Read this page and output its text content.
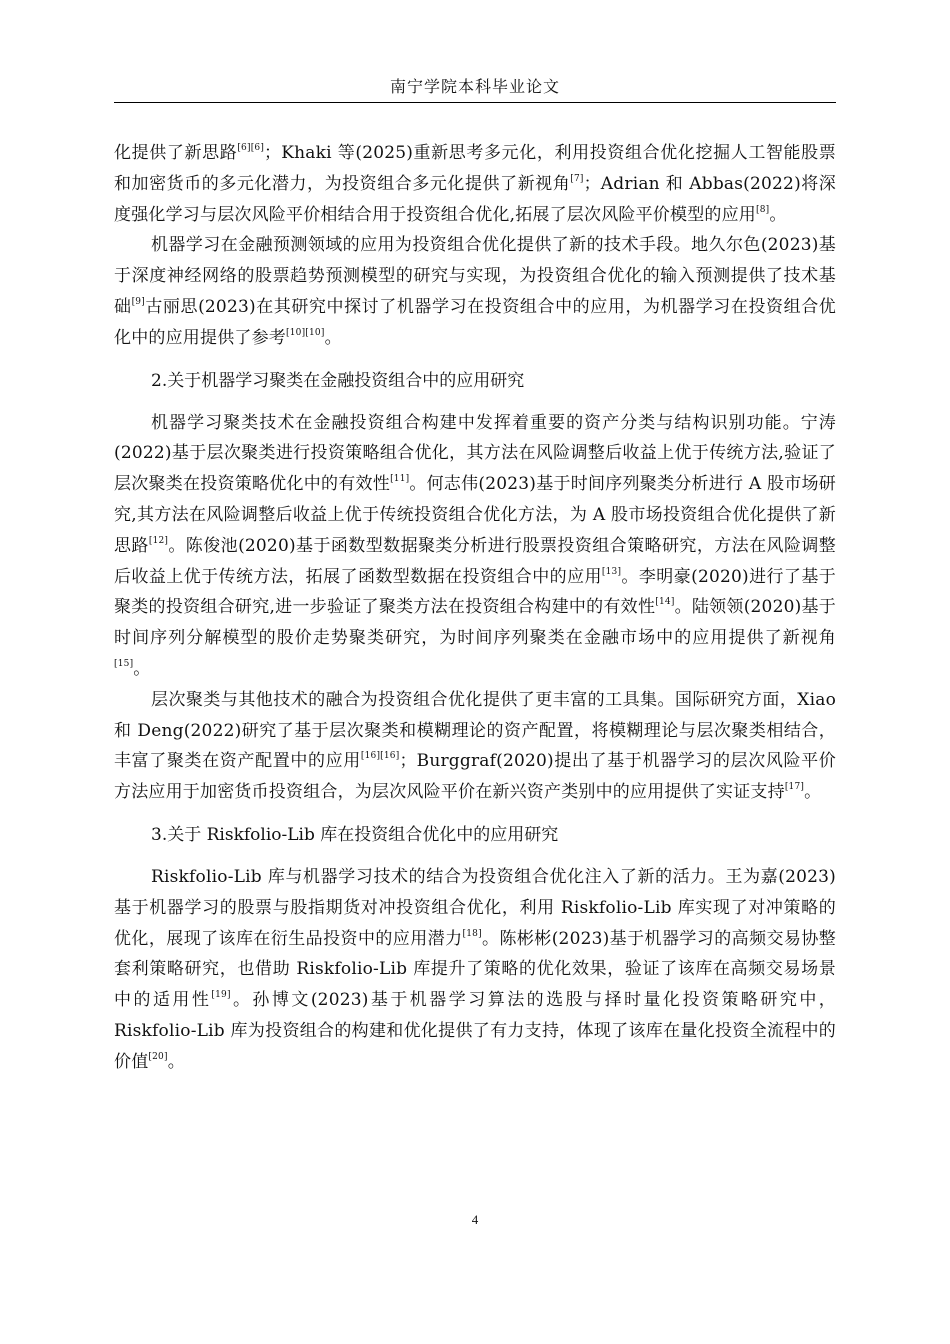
南宁学院本科毕业论文

化提供了新思路[6][6]；Khaki 等(2025)重新思考多元化，利用投资组合优化挖掘人工智能股票和加密货币的多元化潜力，为投资组合多元化提供了新视角[7]；Adrian 和 Abbas(2022)将深度强化学习与层次风险平价相结合用于投资组合优化,拓展了层次风险平价模型的应用[8]。

机器学习在金融预测领域的应用为投资组合优化提供了新的技术手段。地久尔色(2023)基于深度神经网络的股票趋势预测模型的研究与实现，为投资组合优化的输入预测提供了技术基础[9]古丽思(2023)在其研究中探讨了机器学习在投资组合中的应用，为机器学习在投资组合优化中的应用提供了参考[10][10]。

2.关于机器学习聚类在金融投资组合中的应用研究

机器学习聚类技术在金融投资组合构建中发挥着重要的资产分类与结构识别功能。宁涛(2022)基于层次聚类进行投资策略组合优化，其方法在风险调整后收益上优于传统方法,验证了层次聚类在投资策略优化中的有效性[11]。何志伟(2023)基于时间序列聚类分析进行 A 股市场研究,其方法在风险调整后收益上优于传统投资组合优化方法，为 A 股市场投资组合优化提供了新思路[12]。陈俊池(2020)基于函数型数据聚类分析进行股票投资组合策略研究，方法在风险调整后收益上优于传统方法，拓展了函数型数据在投资组合中的应用[13]。李明豪(2020)进行了基于聚类的投资组合研究,进一步验证了聚类方法在投资组合构建中的有效性[14]。陆领领(2020)基于时间序列分解模型的股价走势聚类研究，为时间序列聚类在金融市场中的应用提供了新视角[15]。

层次聚类与其他技术的融合为投资组合优化提供了更丰富的工具集。国际研究方面，Xiao 和 Deng(2022)研究了基于层次聚类和模糊理论的资产配置，将模糊理论与层次聚类相结合，丰富了聚类在资产配置中的应用[16][16]；Burggraf(2020)提出了基于机器学习的层次风险平价方法应用于加密货币投资组合，为层次风险平价在新兴资产类别中的应用提供了实证支持[17]。

3.关于 Riskfolio-Lib 库在投资组合优化中的应用研究

Riskfolio-Lib 库与机器学习技术的结合为投资组合优化注入了新的活力。王为嘉(2023)基于机器学习的股票与股指期货对冲投资组合优化，利用 Riskfolio-Lib 库实现了对冲策略的优化，展现了该库在衍生品投资中的应用潜力[18]。陈彬彬(2023)基于机器学习的高频交易协整套利策略研究，也借助 Riskfolio-Lib 库提升了策略的优化效果，验证了该库在高频交易场景中的适用性[19]。孙博文(2023)基于机器学习算法的选股与择时量化投资策略研究中，Riskfolio-Lib 库为投资组合的构建和优化提供了有力支持，体现了该库在量化投资全流程中的价值[20]。

4
